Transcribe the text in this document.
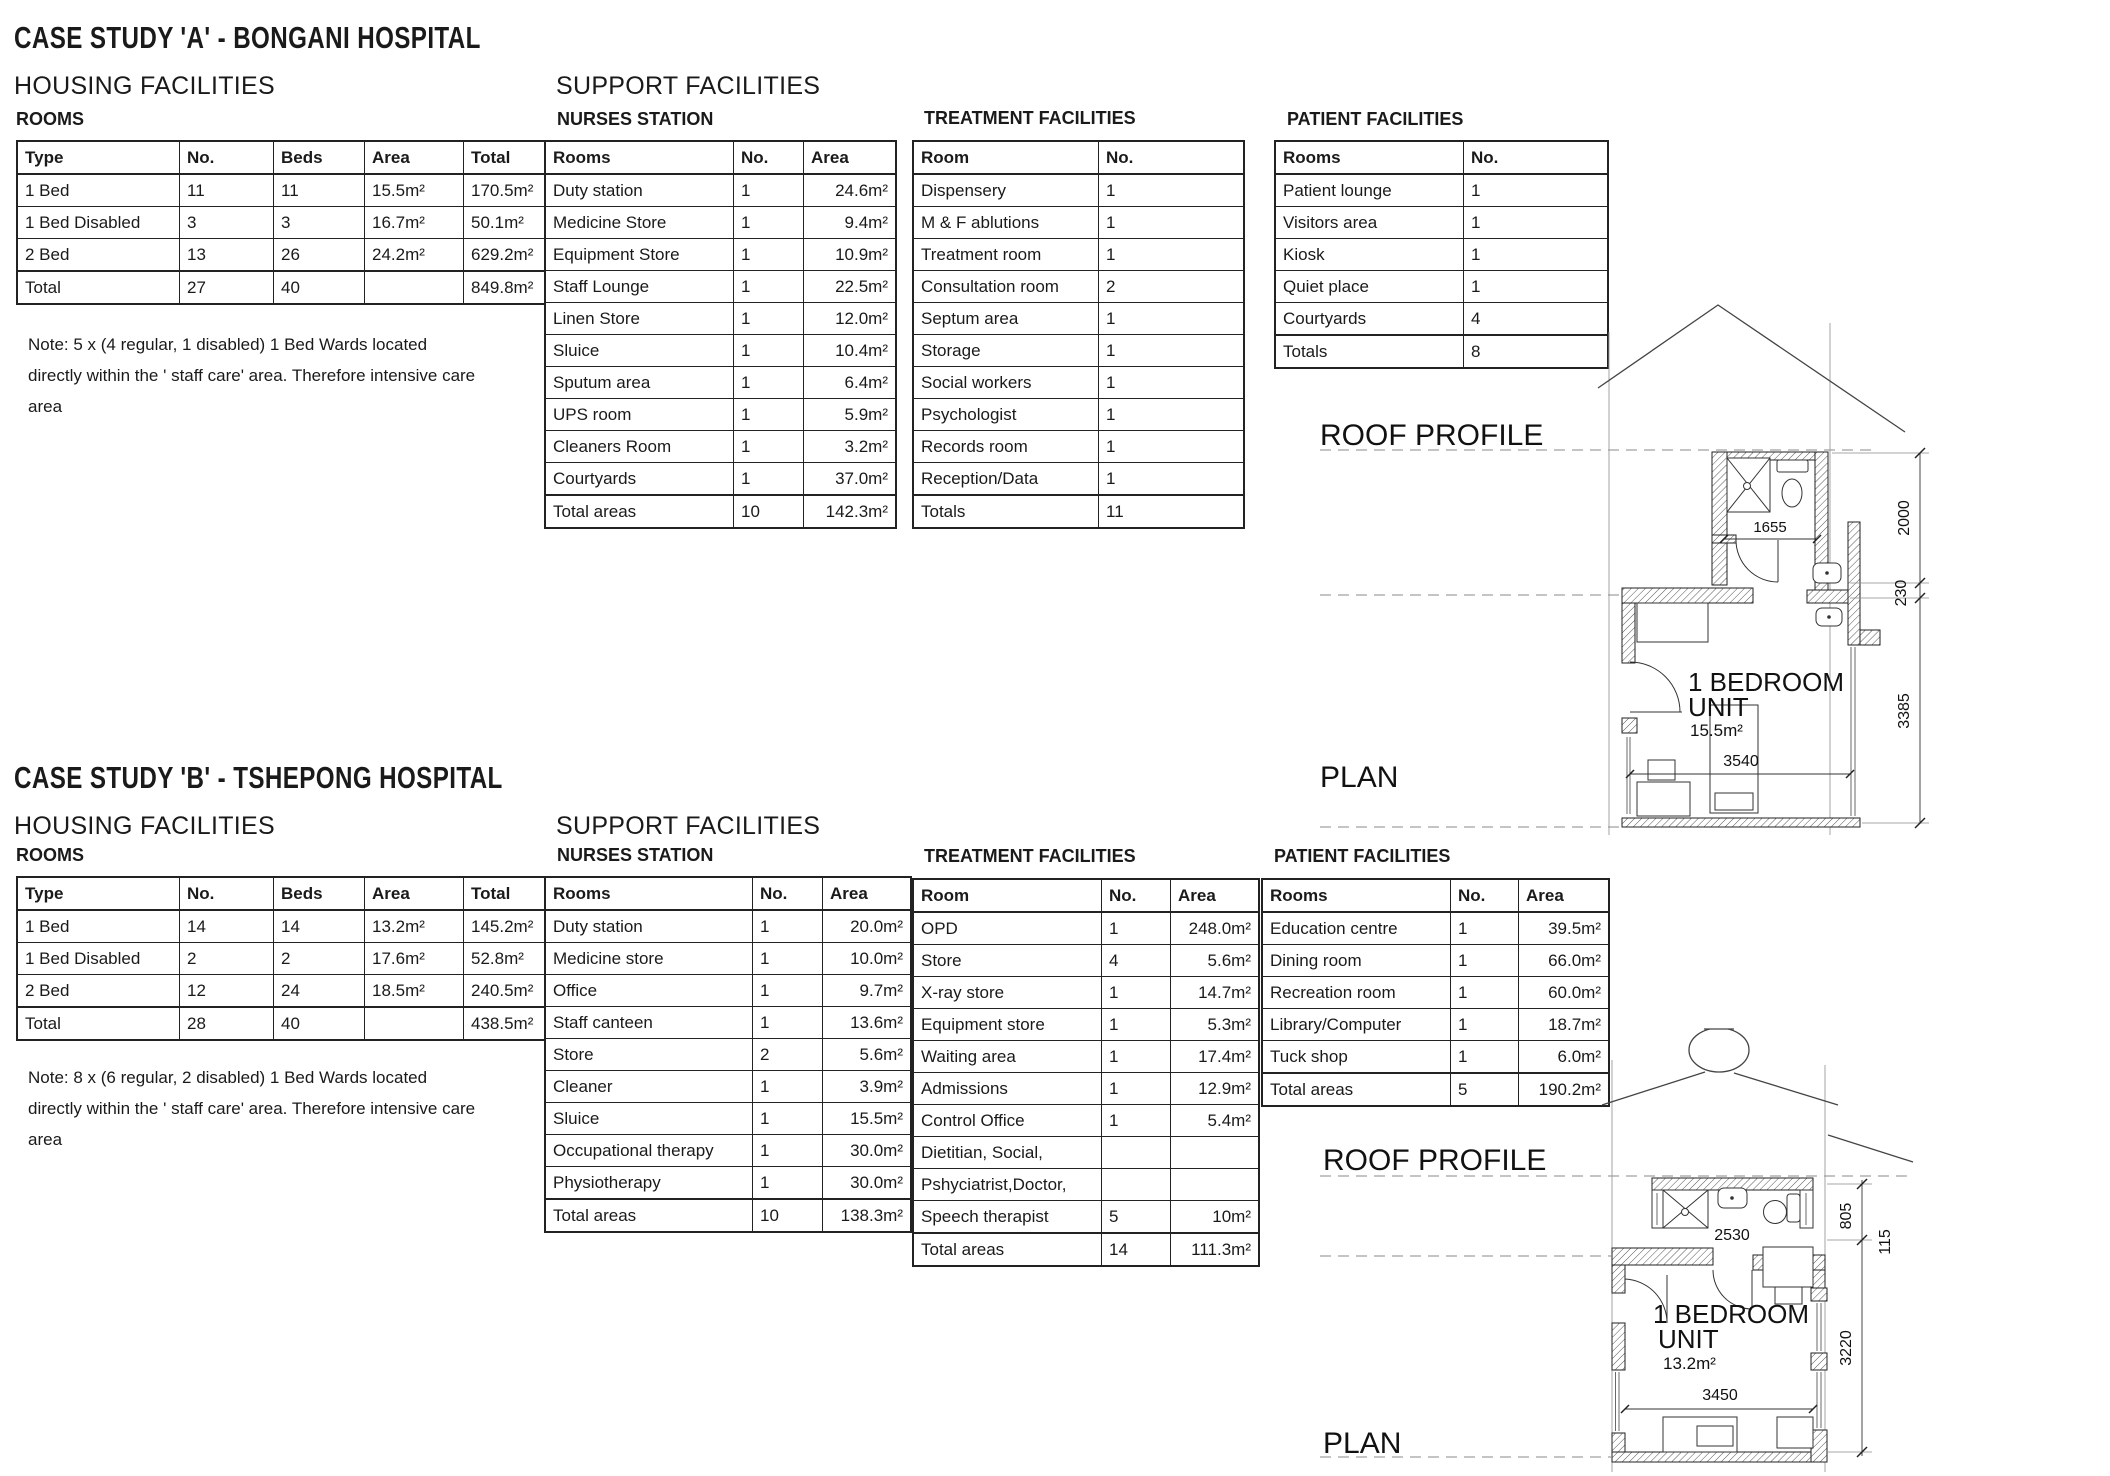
CASE STUDY 'A' - BONGANI HOSPITAL
HOUSING FACILITIES
ROOMS
Type	No.	Beds	Area	Total
1 Bed	11	11	15.5m²	170.5m²
1 Bed Disabled	3	3	16.7m²	50.1m²
2 Bed	13	26	24.2m²	629.2m²
Total	27	40		849.8m²
Note: 5 x (4 regular, 1 disabled) 1 Bed Wards located
directly within the ' staff care' area. Therefore intensive care
area
SUPPORT FACILITIES
NURSES STATION
Rooms	No.	Area
Duty station	1	24.6m²
Medicine Store	1	9.4m²
Equipment Store	1	10.9m²
Staff Lounge	1	22.5m²
Linen Store	1	12.0m²
Sluice	1	10.4m²
Sputum area	1	6.4m²
UPS room	1	5.9m²
Cleaners Room	1	3.2m²
Courtyards	1	37.0m²
Total areas	10	142.3m²
TREATMENT FACILITIES
Room	No.
Dispensery	1
M & F ablutions	1
Treatment room	1
Consultation room	2
Septum area	1
Storage	1
Social workers	1
Psychologist	1
Records room	1
Reception/Data	1
Totals	11
PATIENT FACILITIES
Rooms	No.
Patient lounge	1
Visitors area	1
Kiosk	1
Quiet place	1
Courtyards	4
Totals	8
1655
3540
2000
230
3385
ROOF PROFILE
1 BEDROOM
UNIT
15.5m²
PLAN
CASE STUDY 'B' - TSHEPONG HOSPITAL
HOUSING FACILITIES
ROOMS
Type	No.	Beds	Area	Total
1 Bed	14	14	13.2m²	145.2m²
1 Bed Disabled	2	2	17.6m²	52.8m²
2 Bed	12	24	18.5m²	240.5m²
Total	28	40		438.5m²
Note: 8 x (6 regular, 2 disabled) 1 Bed Wards located
directly within the ' staff care' area. Therefore intensive care
area
SUPPORT FACILITIES
NURSES STATION
Rooms	No.	Area
Duty station	1	20.0m²
Medicine store	1	10.0m²
Office	1	9.7m²
Staff canteen	1	13.6m²
Store	2	5.6m²
Cleaner	1	3.9m²
Sluice	1	15.5m²
Occupational therapy	1	30.0m²
Physiotherapy	1	30.0m²
Total areas	10	138.3m²
TREATMENT FACILITIES
Room	No.	Area
OPD	1	248.0m²
Store	4	5.6m²
X-ray store	1	14.7m²
Equipment store	1	5.3m²
Waiting area	1	17.4m²
Admissions	1	12.9m²
Control Office	1	5.4m²
Dietitian, Social,		
Pshyciatrist,Doctor,		
Speech therapist	5	10m²
Total areas	14	111.3m²
PATIENT FACILITIES
Rooms	No.	Area
Education centre	1	39.5m²
Dining room	1	66.0m²
Recreation room	1	60.0m²
Library/Computer	1	18.7m²
Tuck shop	1	6.0m²
Total areas	5	190.2m²
2530
3450
805
115
3220
ROOF PROFILE
1 BEDROOM
UNIT
13.2m²
PLAN
